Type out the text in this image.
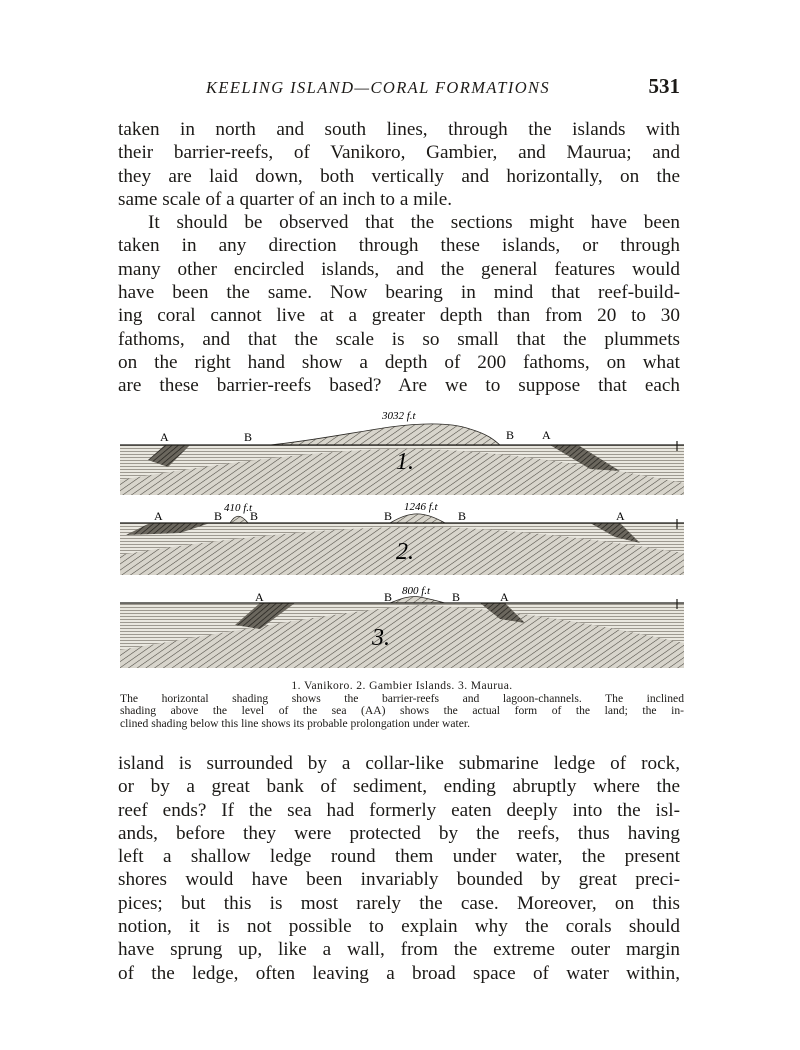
KEELING ISLAND—CORAL FORMATIONS	531
taken in north and south lines, through the islands with
their barrier-reefs, of Vanikoro, Gambier, and Maurua; and
they are laid down, both vertically and horizontally, on the
same scale of a quarter of an inch to a mile.
It should be observed that the sections might have been
taken in any direction through these islands, or through
many other encircled islands, and the general features would
have been the same. Now bearing in mind that reef-build-
ing coral cannot live at a greater depth than from 20 to 30
fathoms, and that the scale is so small that the plummets
on the right hand show a depth of 200 fathoms, on what
are these barrier-reefs based? Are we to suppose that each
A	B	B A
3032 f.t
1.
A	B B	B	B	A
410 f.t	1246 f.t
2.
A	B	B	A
800 f.t
3.
1. Vanikoro. 2. Gambier Islands. 3. Maurua.
The horizontal shading shows the barrier-reefs and lagoon-channels. The inclined
shading above the level of the sea (AA) shows the actual form of the land; the in-
clined shading below this line shows its probable prolongation under water.
island is surrounded by a collar-like submarine ledge of rock,
or by a great bank of sediment, ending abruptly where the
reef ends? If the sea had formerly eaten deeply into the isl-
ands, before they were protected by the reefs, thus having
left a shallow ledge round them under water, the present
shores would have been invariably bounded by great preci-
pices; but this is most rarely the case. Moreover, on this
notion, it is not possible to explain why the corals should
have sprung up, like a wall, from the extreme outer margin
of the ledge, often leaving a broad space of water within,
